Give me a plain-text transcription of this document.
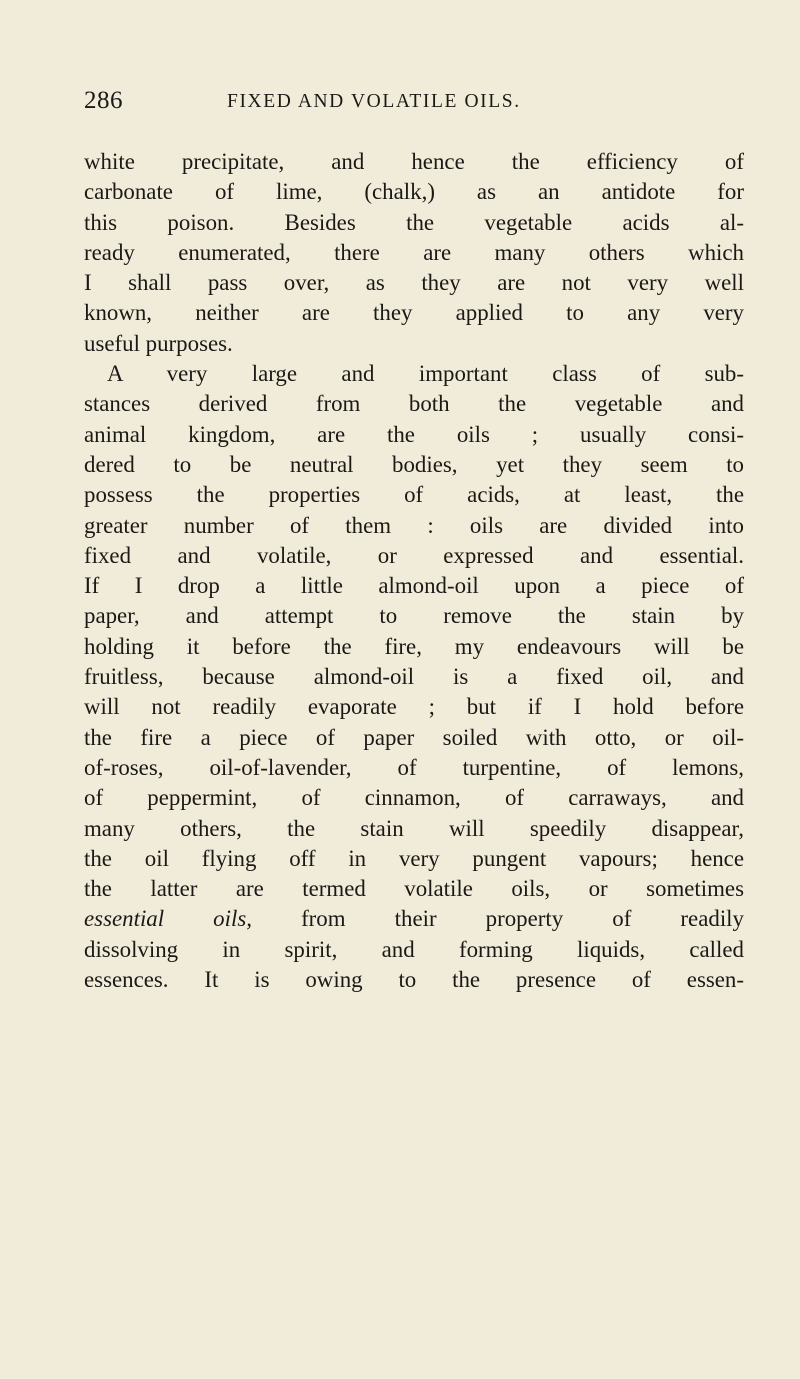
286	FIXED AND VOLATILE OILS.
white precipitate, and hence the efficiency of
carbonate of lime, (chalk,) as an antidote for
this poison. Besides the vegetable acids al-
ready enumerated, there are many others which
I shall pass over, as they are not very well
known, neither are they applied to any very
useful purposes.
A very large and important class of sub-
stances derived from both the vegetable and
animal kingdom, are the oils ; usually consi-
dered to be neutral bodies, yet they seem to
possess the properties of acids, at least, the
greater number of them : oils are divided into
fixed and volatile, or expressed and essential.
If I drop a little almond-oil upon a piece of
paper, and attempt to remove the stain by
holding it before the fire, my endeavours will be
fruitless, because almond-oil is a fixed oil, and
will not readily evaporate ; but if I hold before
the fire a piece of paper soiled with otto, or oil-
of-roses, oil-of-lavender, of turpentine, of lemons,
of peppermint, of cinnamon, of carraways, and
many others, the stain will speedily disappear,
the oil flying off in very pungent vapours; hence
the latter are termed volatile oils, or sometimes
essential oils, from their property of readily
dissolving in spirit, and forming liquids, called
essences. It is owing to the presence of essen-
